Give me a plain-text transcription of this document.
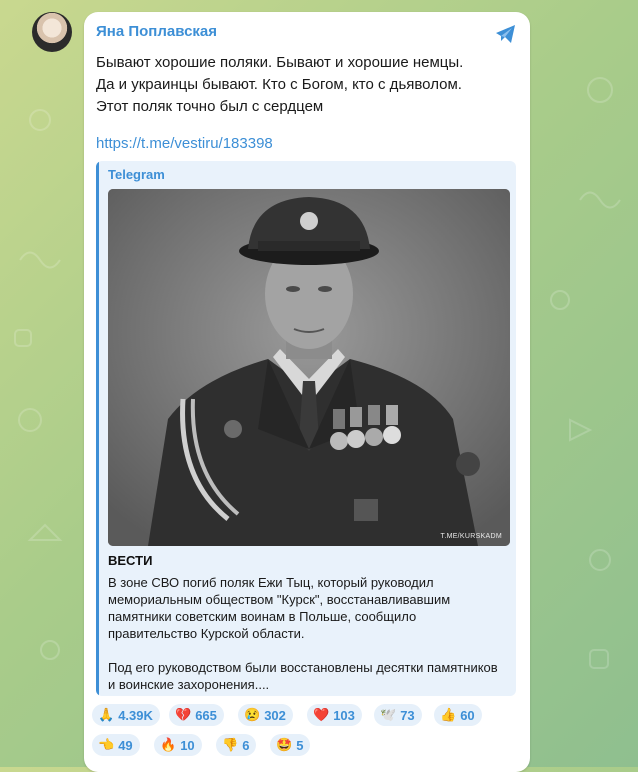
Яна Поплавская
Бывают хорошие поляки. Бывают и хорошие немцы.
Да и украинцы бывают. Кто с Богом, кто с дьяволом.
Этот поляк точно был с сердцем
https://t.me/vestiru/183398
Telegram
T.ME/KURSKADM
ВЕСТИ
В зоне СВО погиб поляк Ежи Тыц, который руководил мемориальным обществом "Курск", восстанавливавшим памятники советским воинам в Польше, сообщило правительство Курской области.

Под его руководством были восстановлены десятки памятников и воинские захоронения....
🙏 4.39K 💔 665 😢 302 ❤️ 103 🕊️ 73 👍 60
👈 49 🔥 10 👎 6 🤩 5
